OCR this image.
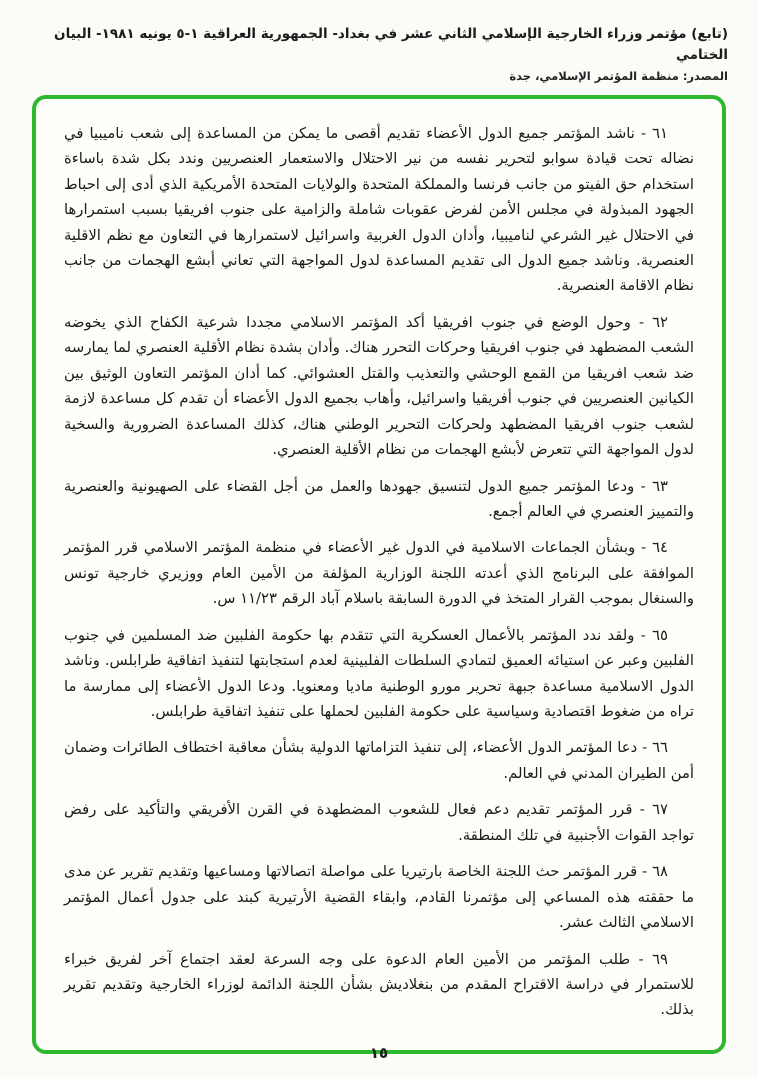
(تابع) مؤتمر وزراء الخارجية الإسلامي الثاني عشر في بغداد- الجمهورية العراقية ١-٥ يونيه ١٩٨١- البيان الختامي
المصدر: منظمة المؤتمر الإسلامي، جدة

٦١ - ناشد المؤتمر جميع الدول الأعضاء تقديم أقصى ما يمكن من المساعدة إلى شعب ناميبيا في نضاله تحت قيادة سوابو لتحرير نفسه من نير الاحتلال والاستعمار العنصريين وندد بكل شدة باساءة استخدام حق الفيتو من جانب فرنسا والمملكة المتحدة والولايات المتحدة الأمريكية الذي أدى إلى احباط الجهود المبذولة في مجلس الأمن لفرض عقوبات شاملة والزامية على جنوب افريقيا بسبب استمرارها في الاحتلال غير الشرعي لناميبيا، وأدان الدول الغربية واسرائيل لاستمرارها في التعاون مع نظم الاقلية العنصرية. وناشد جميع الدول الى تقديم المساعدة لدول المواجهة التي تعاني أبشع الهجمات من جانب نظام الاقامة العنصرية.

٦٢ - وحول الوضع في جنوب افريقيا أكد المؤتمر الاسلامي مجددا شرعية الكفاح الذي يخوضه الشعب المضطهد في جنوب افريقيا وحركات التحرر هناك. وأدان بشدة نظام الأقلية العنصري لما يمارسه ضد شعب افريقيا من القمع الوحشي والتعذيب والقتل العشوائي. كما أدان المؤتمر التعاون الوثيق بين الكيانين العنصريين في جنوب أفريقيا واسرائيل، وأهاب بجميع الدول الأعضاء أن تقدم كل مساعدة لازمة لشعب جنوب افريقيا المضطهد ولحركات التحرير الوطني هناك، كذلك المساعدة الضرورية والسخية لدول المواجهة التي تتعرض لأبشع الهجمات من نظام الأقلية العنصري.

٦٣ - ودعا المؤتمر جميع الدول لتنسيق جهودها والعمل من أجل القضاء على الصهيونية والعنصرية والتمييز العنصري في العالم أجمع.

٦٤ - وبشأن الجماعات الاسلامية في الدول غير الأعضاء في منظمة المؤتمر الاسلامي قرر المؤتمر الموافقة على البرنامج الذي أعدته اللجنة الوزارية المؤلفة من الأمين العام ووزيري خارجية تونس والسنغال بموجب القرار المتخذ في الدورة السابقة باسلام آباد الرقم ١١/٢٣ س.

٦٥ - ولقد ندد المؤتمر بالأعمال العسكرية التي تتقدم بها حكومة الفلبين ضد المسلمين في جنوب الفلبين وعبر عن استيائه العميق لتمادي السلطات الفلبينية لعدم استجابتها لتنفيذ اتفاقية طرابلس. وناشد الدول الاسلامية مساعدة جبهة تحرير مورو الوطنية ماديا ومعنويا. ودعا الدول الأعضاء إلى ممارسة ما تراه من ضغوط اقتصادية وسياسية على حكومة الفلبين لحملها على تنفيذ اتفاقية طرابلس.

٦٦ - دعا المؤتمر الدول الأعضاء، إلى تنفيذ التزاماتها الدولية بشأن معاقبة اختطاف الطائرات وضمان أمن الطيران المدني في العالم.

٦٧ - قرر المؤتمر تقديم دعم فعال للشعوب المضطهدة في القرن الأفريقي والتأكيد على رفض تواجد القوات الأجنبية في تلك المنطقة.

٦٨ - قرر المؤتمر حث اللجنة الخاصة بارتيريا على مواصلة اتصالاتها ومساعيها وتقديم تقرير عن مدى ما حققته هذه المساعي إلى مؤتمرنا القادم، وابقاء القضية الأرتيرية كبند على جدول أعمال المؤتمر الاسلامي الثالث عشر.

٦٩ - طلب المؤتمر من الأمين العام الدعوة على وجه السرعة لعقد اجتماع آخر لفريق خبراء للاستمرار في دراسة الاقتراح المقدم من بنغلاديش بشأن اللجنة الدائمة لوزراء الخارجية وتقديم تقرير بذلك.

١٥
